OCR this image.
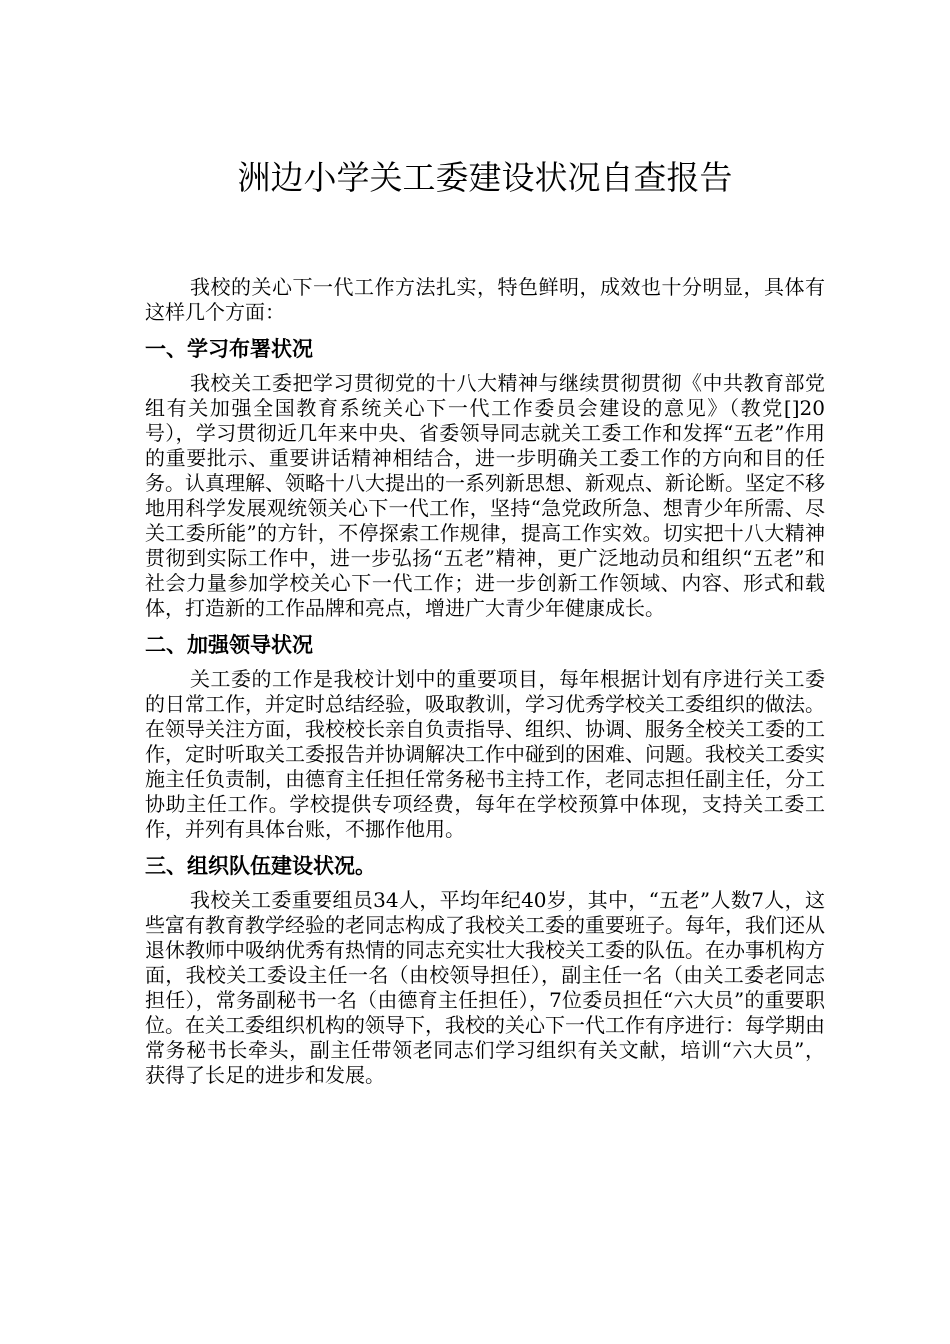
洲边小学关工委建设状况自查报告

我校的关心下一代工作方法扎实，特色鲜明，成效也十分明显，具体有这样几个方面：

一、学习布署状况

我校关工委把学习贯彻党的十八大精神与继续贯彻贯彻《中共教育部党组有关加强全国教育系统关心下一代工作委员会建设的意见》（教党[]20号），学习贯彻近几年来中央、省委领导同志就关工委工作和发挥“五老”作用的重要批示、重要讲话精神相结合，进一步明确关工委工作的方向和目的任务。认真理解、领略十八大提出的一系列新思想、新观点、新论断。坚定不移地用科学发展观统领关心下一代工作，坚持“急党政所急、想青少年所需、尽关工委所能”的方针，不停探索工作规律，提高工作实效。切实把十八大精神贯彻到实际工作中，进一步弘扬“五老”精神，更广泛地动员和组织“五老”和社会力量参加学校关心下一代工作；进一步创新工作领域、内容、形式和载体，打造新的工作品牌和亮点，增进广大青少年健康成长。

二、加强领导状况

关工委的工作是我校计划中的重要项目，每年根据计划有序进行关工委的日常工作，并定时总结经验，吸取教训，学习优秀学校关工委组织的做法。在领导关注方面，我校校长亲自负责指导、组织、协调、服务全校关工委的工作，定时听取关工委报告并协调解决工作中碰到的困难、问题。我校关工委实施主任负责制，由德育主任担任常务秘书主持工作，老同志担任副主任，分工协助主任工作。学校提供专项经费，每年在学校预算中体现，支持关工委工作，并列有具体台账，不挪作他用。

三、组织队伍建设状况。

我校关工委重要组员34人，平均年纪40岁，其中，“五老”人数7人，这些富有教育教学经验的老同志构成了我校关工委的重要班子。每年，我们还从退休教师中吸纳优秀有热情的同志充实壮大我校关工委的队伍。在办事机构方面，我校关工委设主任一名（由校领导担任），副主任一名（由关工委老同志担任），常务副秘书一名（由德育主任担任），7位委员担任“六大员”的重要职位。在关工委组织机构的领导下，我校的关心下一代工作有序进行：每学期由常务秘书长牵头，副主任带领老同志们学习组织有关文献，培训“六大员”，获得了长足的进步和发展。
